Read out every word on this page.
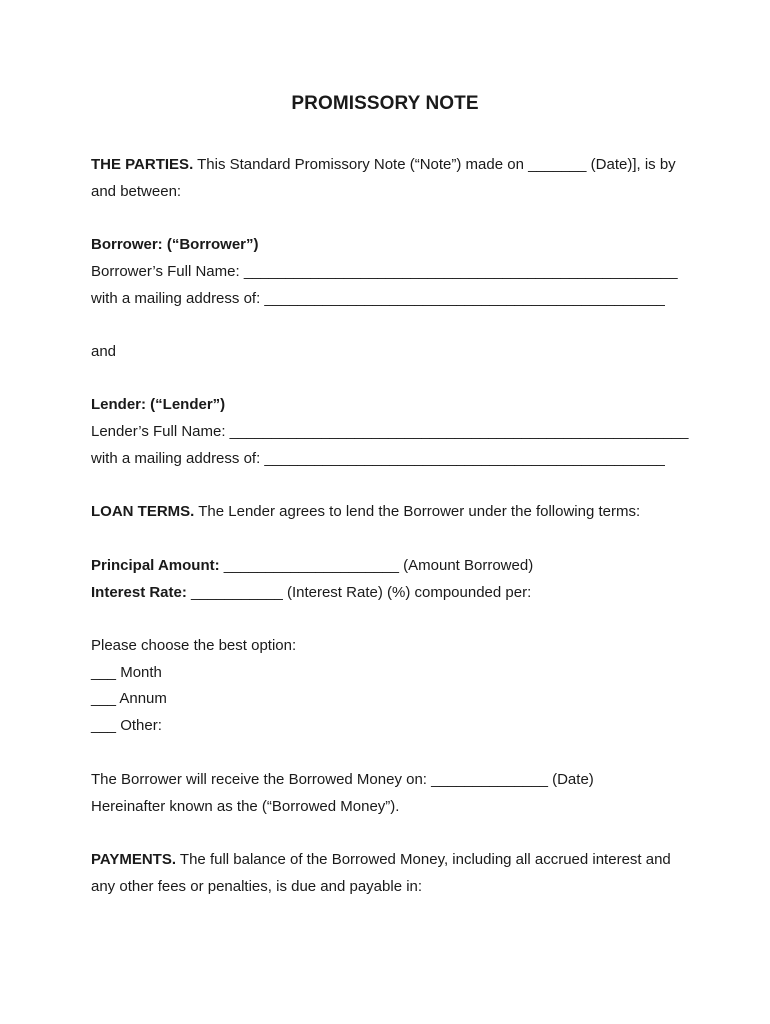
PROMISSORY NOTE
THE PARTIES. This Standard Promissory Note (“Note”) made on _______ (Date)], is by
and between:
Borrower: (“Borrower”)
Borrower’s Full Name: ____________________________________________________
with a mailing address of: ________________________________________________
and
Lender: (“Lender”)
Lender’s Full Name: _______________________________________________________
with a mailing address of: ________________________________________________
LOAN TERMS. The Lender agrees to lend the Borrower under the following terms:
Principal Amount: _____________________ (Amount Borrowed)
Interest Rate: ___________ (Interest Rate) (%) compounded per:
Please choose the best option:
___ Month
___ Annum
___ Other:
The Borrower will receive the Borrowed Money on: ______________ (Date)
Hereinafter known as the (“Borrowed Money”).
PAYMENTS. The full balance of the Borrowed Money, including all accrued interest and
any other fees or penalties, is due and payable in:
